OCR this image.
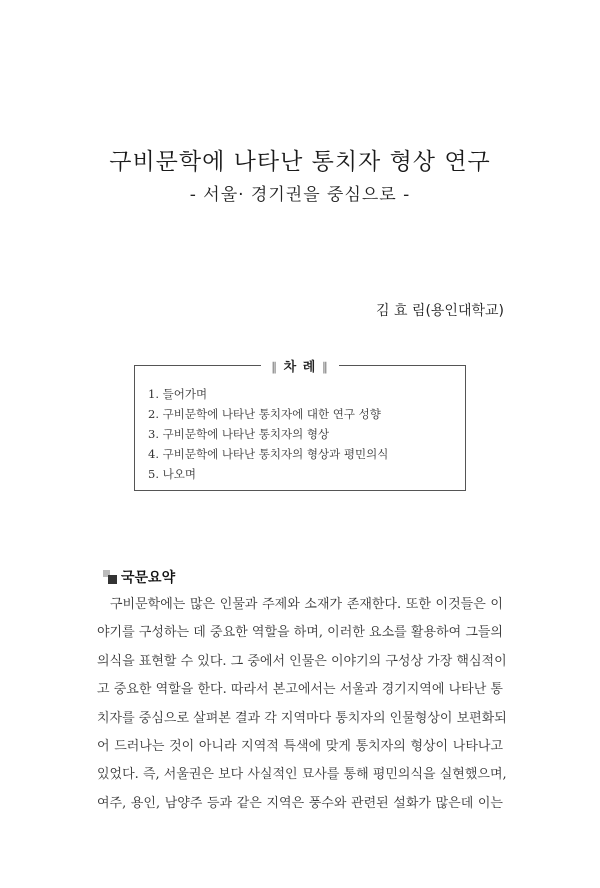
구비문학에 나타난 통치자 형상 연구
- 서울· 경기권을 중심으로 -
김 효 림(용인대학교)
∥ 차 례 ∥
1. 들어가며
2. 구비문학에 나타난 통치자에 대한 연구 성향
3. 구비문학에 나타난 통치자의 형상
4. 구비문학에 나타난 통치자의 형상과 평민의식
5. 나오며
국문요약
구비문학에는 많은 인물과 주제와 소재가 존재한다. 또한 이것들은 이
야기를 구성하는 데 중요한 역할을 하며, 이러한 요소를 활용하여 그들의
의식을 표현할 수 있다. 그 중에서 인물은 이야기의 구성상 가장 핵심적이
고 중요한 역할을 한다. 따라서 본고에서는 서울과 경기지역에 나타난 통
치자를 중심으로 살펴본 결과 각 지역마다 통치자의 인물형상이 보편화되
어 드러나는 것이 아니라 지역적 특색에 맞게 통치자의 형상이 나타나고
있었다. 즉, 서울권은 보다 사실적인 묘사를 통해 평민의식을 실현했으며,
여주, 용인, 남양주 등과 같은 지역은 풍수와 관련된 설화가 많은데 이는
